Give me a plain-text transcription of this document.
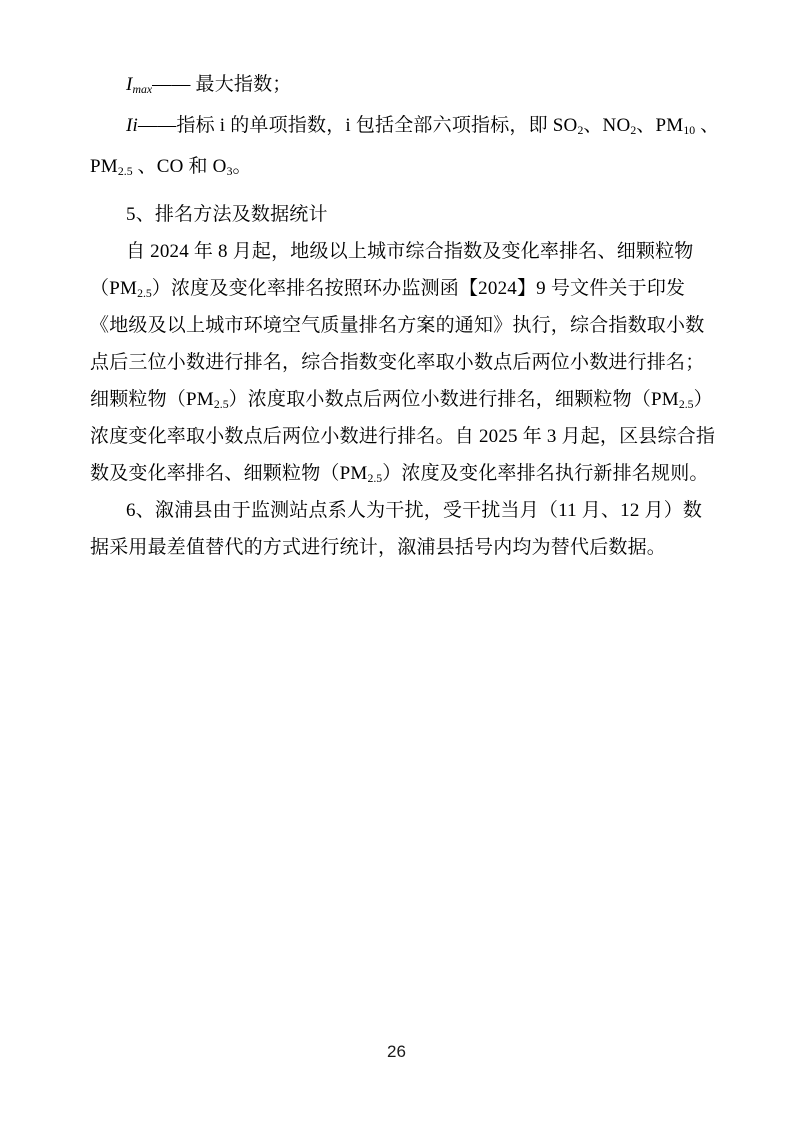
Imax—— 最大指数；
Ii——指标 i 的单项指数，i 包括全部六项指标，即 SO2、NO2、PM10 、
PM2.5 、CO 和 O3。
5、排名方法及数据统计
自 2024 年 8 月起，地级以上城市综合指数及变化率排名、细颗粒物
（PM2.5）浓度及变化率排名按照环办监测函【2024】9 号文件关于印发
《地级及以上城市环境空气质量排名方案的通知》执行，综合指数取小数
点后三位小数进行排名，综合指数变化率取小数点后两位小数进行排名；
细颗粒物（PM2.5）浓度取小数点后两位小数进行排名，细颗粒物（PM2.5）
浓度变化率取小数点后两位小数进行排名。自 2025 年 3 月起，区县综合指
数及变化率排名、细颗粒物（PM2.5）浓度及变化率排名执行新排名规则。
6、溆浦县由于监测站点系人为干扰，受干扰当月（11 月、12 月）数
据采用最差值替代的方式进行统计，溆浦县括号内均为替代后数据。
26
